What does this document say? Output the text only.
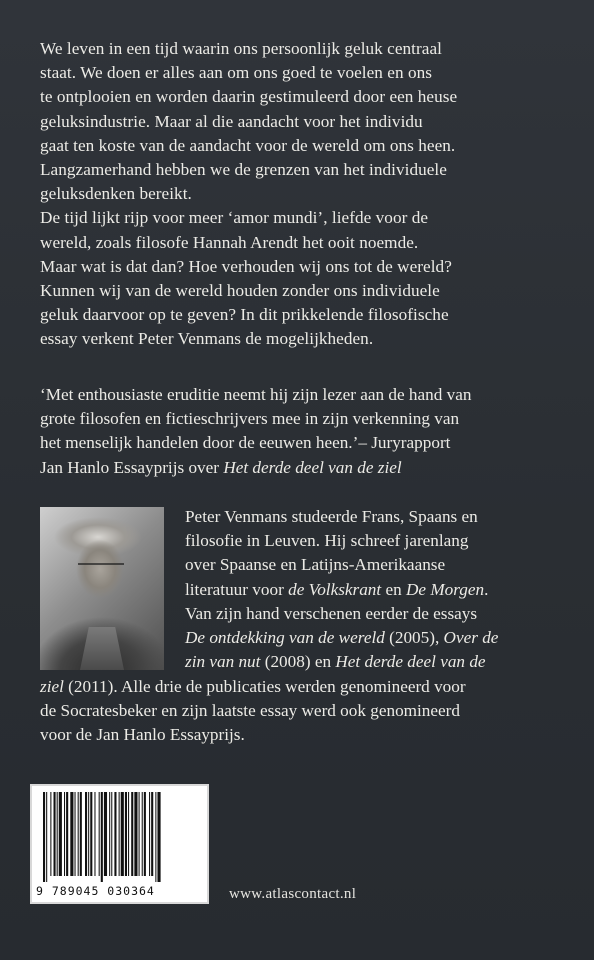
We leven in een tijd waarin ons persoonlijk geluk centraal

staat. We doen er alles aan om ons goed te voelen en ons

te ontplooien en worden daarin gestimuleerd door een heuse

geluksindustrie. Maar al die aandacht voor het individu

gaat ten koste van de aandacht voor de wereld om ons heen.

Langzamerhand hebben we de grenzen van het individuele

geluksdenken bereikt.

De tijd lijkt rijp voor meer ‘amor mundi’, liefde voor de

wereld, zoals filosofe Hannah Arendt het ooit noemde.

Maar wat is dat dan? Hoe verhouden wij ons tot de wereld?

Kunnen wij van de wereld houden zonder ons individuele

geluk daarvoor op te geven? In dit prikkelende filosofische

essay verkent Peter Venmans de mogelijkheden.

‘Met enthousiaste eruditie neemt hij zijn lezer aan de hand van

grote filosofen en fictieschrijvers mee in zijn verkenning van

het menselijk handelen door de eeuwen heen.’– Juryrapport

Jan Hanlo Essayprijs over Het derde deel van de ziel

Peter Venmans studeerde Frans, Spaans en

filosofie in Leuven. Hij schreef jarenlang

over Spaanse en Latijns-Amerikaanse

literatuur voor de Volkskrant en De Morgen.

Van zijn hand verschenen eerder de essays

De ontdekking van de wereld (2005), Over de

zin van nut (2008) en Het derde deel van de

ziel (2011). Alle drie de publicaties werden genomineerd voor

de Socratesbeker en zijn laatste essay werd ook genomineerd

voor de Jan Hanlo Essayprijs.

9 789045 030364	www.atlascontact.nl
